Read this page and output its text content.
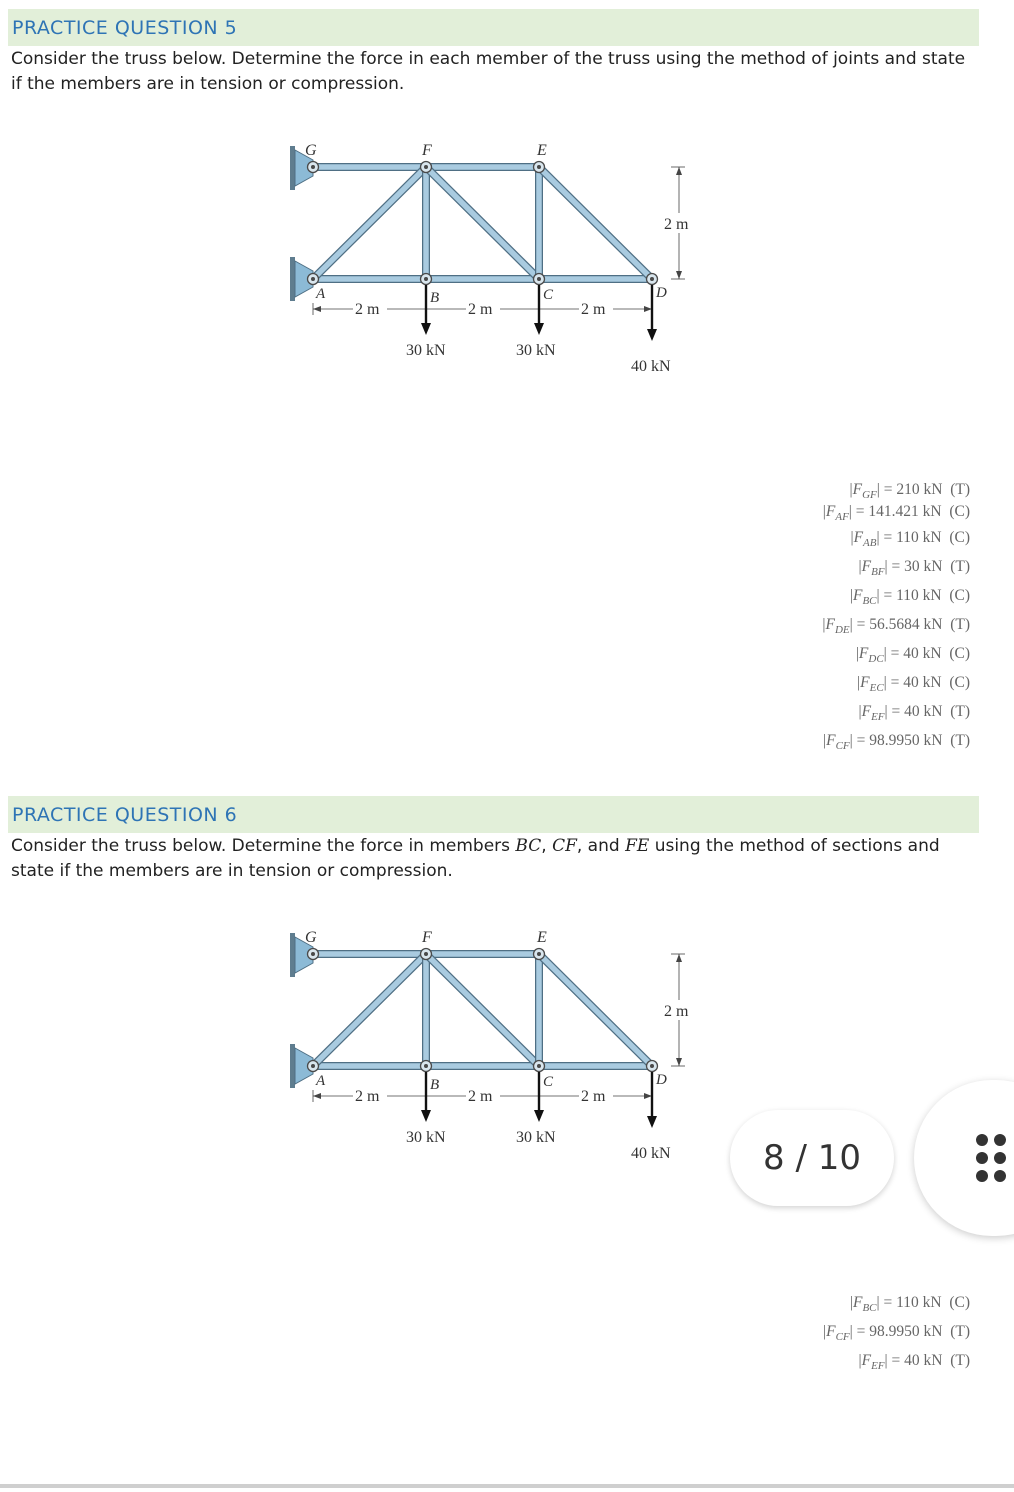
PRACTICE QUESTION 5
Consider the truss below. Determine the force in each member of the truss using the method of joints and state if the members are in tension or compression.
G	F	E
A	B	C	D
2 m
2 m	2 m	2 m
30 kN	30 kN
40 kN
$|F_{GF}| = 210$ kN  (T)
$|F_{AF}| = 141.421$ kN  (C)
$|F_{AB}| = 110$ kN  (C)
$|F_{BF}| = 30$ kN  (T)
$|F_{BC}| = 110$ kN  (C)
$|F_{DE}| = 56.5684$ kN  (T)
$|F_{DC}| = 40$ kN  (C)
$|F_{EC}| = 40$ kN  (C)
$|F_{EF}| = 40$ kN  (T)
$|F_{CF}| = 98.9950$ kN  (T)
PRACTICE QUESTION 6
Consider the truss below. Determine the force in members BC, CF, and FE using the method of sections and state if the members are in tension or compression.
G	F	E
A	B	C	D
2 m
2 m	2 m	2 m
30 kN	30 kN
40 kN
$|F_{BC}| = 110$ kN  (C)
$|F_{CF}| = 98.9950$ kN  (T)
$|F_{EF}| = 40$ kN  (T)
8 / 10
